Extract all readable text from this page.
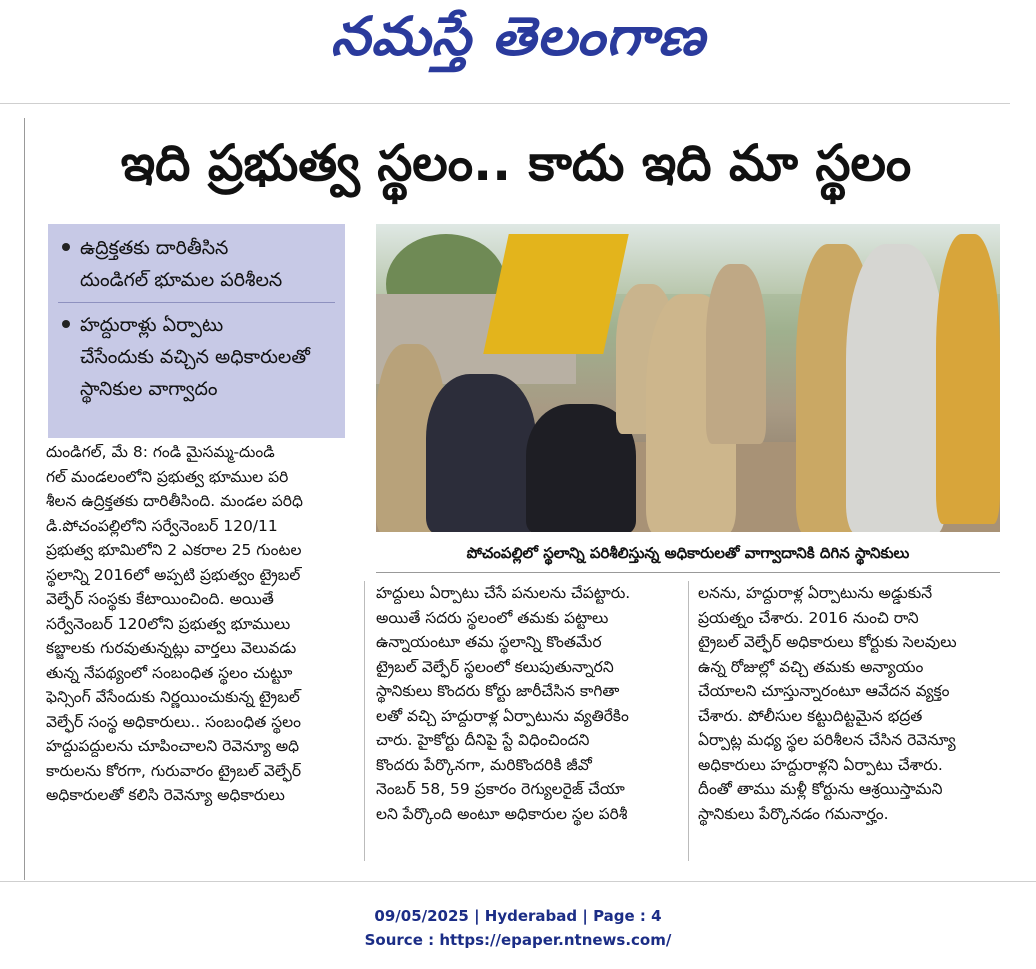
నమస్తే తెలంగాణ
ఇది ప్రభుత్వ స్థలం.. కాదు ఇది మా స్థలం
ఉద్రిక్తతకు దారితీసిన
దుండిగల్ భూమల పరిశీలన
హద్దురాళ్లు ఏర్పాటు
చేసేందుకు వచ్చిన అధికారులతో
స్థానికుల వాగ్వాదం
పోచంపల్లిలో స్థలాన్ని పరిశీలిస్తున్న అధికారులతో వాగ్వాదానికి దిగిన స్థానికులు
దుండిగల్, మే 8: గండి మైసమ్మ-దుండి
గల్ మండలంలోని ప్రభుత్వ భూముల పరి
శీలన ఉద్రిక్తతకు దారితీసింది. మండల పరిధి
డి.పోచంపల్లిలోని సర్వేనెంబర్ 120/11
ప్రభుత్వ భూమిలోని 2 ఎకరాల 25 గుంటల
స్థలాన్ని 2016లో అప్పటి ప్రభుత్వం ట్రైబల్
వెల్ఫేర్ సంస్థకు కేటాయించింది. అయితే
సర్వేనెంబర్ 120లోని ప్రభుత్వ భూములు
కబ్జాలకు గురవుతున్నట్లు వార్తలు వెలువడు
తున్న నేపథ్యంలో సంబంధిత స్థలం చుట్టూ
ఫెన్సింగ్ వేసేందుకు నిర్ణయించుకున్న ట్రైబల్
వెల్ఫేర్ సంస్థ అధికారులు.. సంబంధిత స్థలం
హద్దుపద్దులను చూపించాలని రెవెన్యూ అధి
కారులను కోరగా, గురువారం ట్రైబల్ వెల్ఫేర్
అధికారులతో కలిసి రెవెన్యూ అధికారులు
హద్దులు ఏర్పాటు చేసే పనులను చేపట్టారు.
అయితే సదరు స్థలంలో తమకు పట్టాలు
ఉన్నాయంటూ తమ స్థలాన్ని కొంతమేర
ట్రైబల్ వెల్ఫేర్ స్థలంలో కలుపుతున్నారని
స్థానికులు కొందరు కోర్టు జారీచేసిన కాగితా
లతో వచ్చి హద్దురాళ్ల ఏర్పాటును వ్యతిరేకిం
చారు. హైకోర్టు దీనిపై స్టే విధించిందని
కొందరు పేర్కొనగా, మరికొందరికి జీవో
నెంబర్ 58, 59 ప్రకారం రెగ్యులరైజ్ చేయా
లని పేర్కొంది అంటూ అధికారుల స్థల పరిశీ
లనను, హద్దురాళ్ల ఏర్పాటును అడ్డుకునే
ప్రయత్నం చేశారు. 2016 నుంచి రాని
ట్రైబల్ వెల్ఫేర్ అధికారులు కోర్టుకు సెలవులు
ఉన్న రోజుల్లో వచ్చి తమకు అన్యాయం
చేయాలని చూస్తున్నారంటూ ఆవేదన వ్యక్తం
చేశారు. పోలీసుల కట్టుదిట్టమైన భద్రత
ఏర్పాట్ల మధ్య స్థల పరిశీలన చేసిన రెవెన్యూ
అధికారులు హద్దురాళ్లని ఏర్పాటు చేశారు.
దీంతో తాము మళ్లీ కోర్టును ఆశ్రయిస్తామని
స్థానికులు పేర్కొనడం గమనార్హం.
09/05/2025 | Hyderabad | Page : 4
Source : https://epaper.ntnews.com/
